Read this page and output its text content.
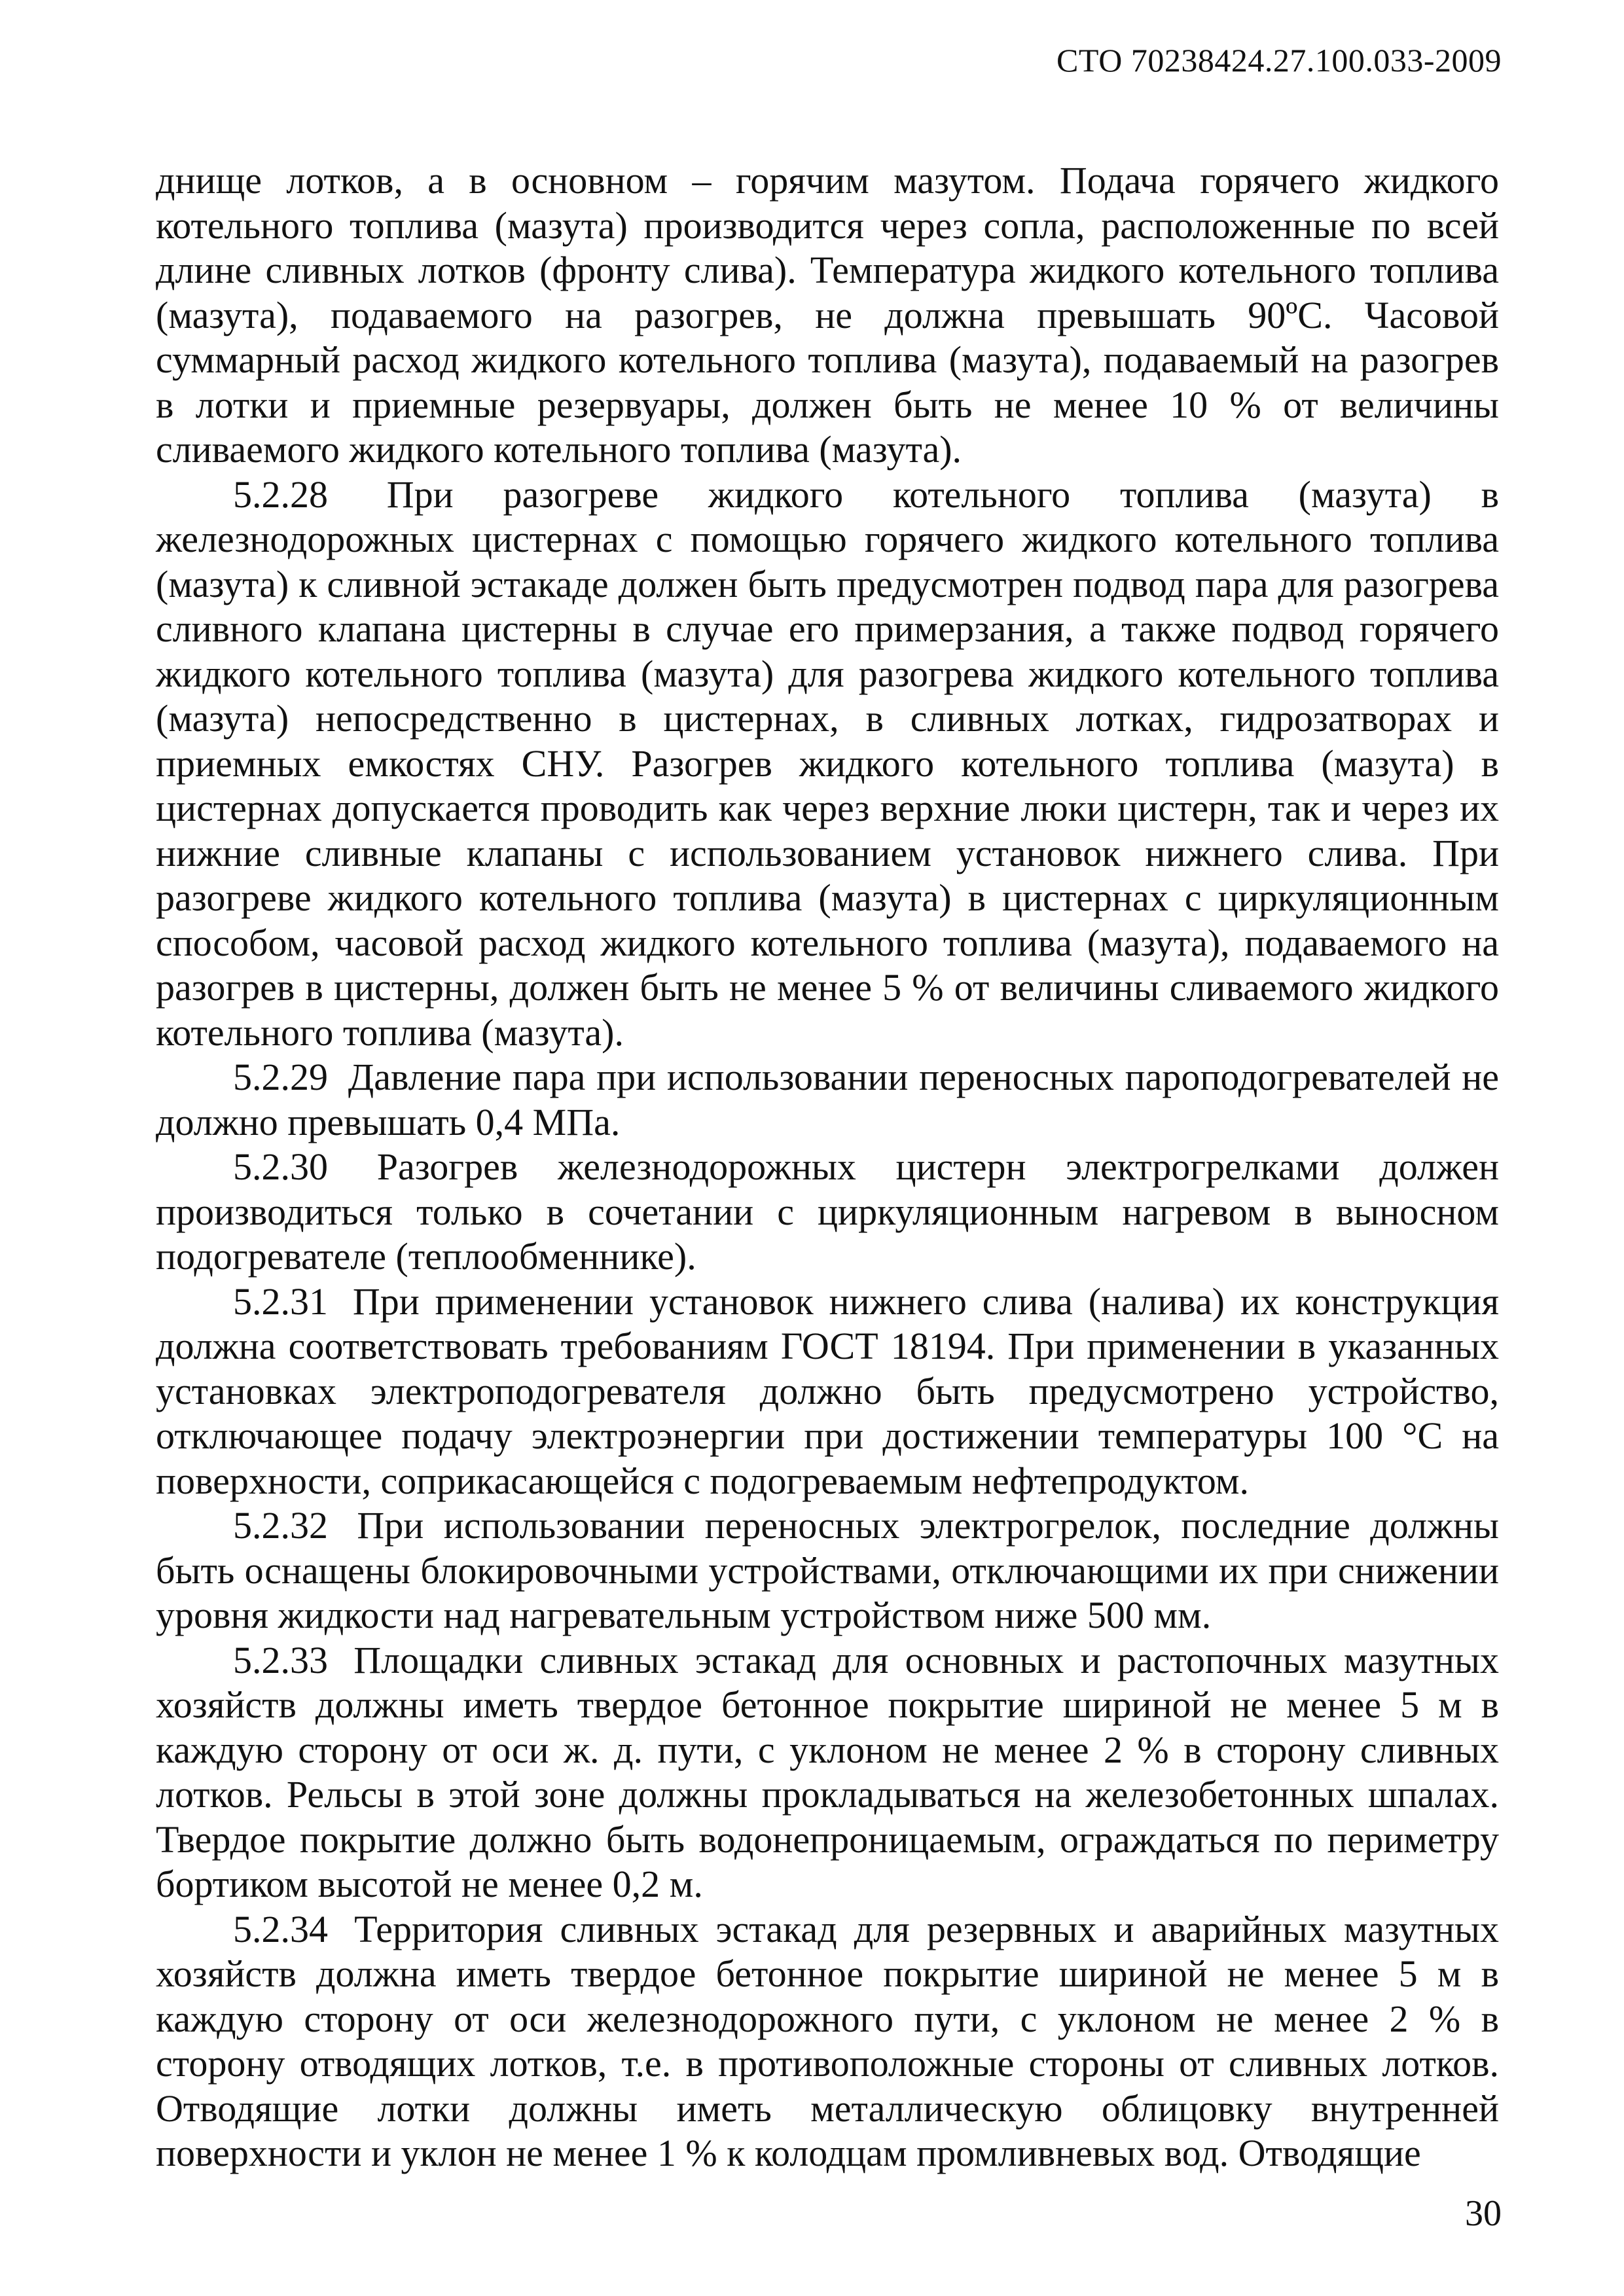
СТО 70238424.27.100.033-2009

днище лотков, а в основном – горячим мазутом. Подача горячего жидкого котельного топлива (мазута) производится через сопла, расположенные по всей длине сливных лотков (фронту слива). Температура жидкого котельного топлива (мазута), подаваемого на разогрев, не должна превышать 90ºС. Часовой суммарный расход жидкого котельного топлива (мазута), подаваемый на разогрев в лотки и приемные резервуары, должен быть не менее 10 % от величины сливаемого жидкого котельного топлива (мазута).

5.2.28 При разогреве жидкого котельного топлива (мазута) в железнодорожных цистернах с помощью горячего жидкого котельного топлива (мазута) к сливной эстакаде должен быть предусмотрен подвод пара для разогрева сливного клапана цистерны в случае его примерзания, а также подвод горячего жидкого котельного топлива (мазута) для разогрева жидкого котельного топлива (мазута) непосредственно в цистернах, в сливных лотках, гидрозатворах и приемных емкостях СНУ. Разогрев жидкого котельного топлива (мазута) в цистернах допускается проводить как через верхние люки цистерн, так и через их нижние сливные клапаны с использованием установок нижнего слива. При разогреве жидкого котельного топлива (мазута) в цистернах с циркуляционным способом, часовой расход жидкого котельного топлива (мазута), подаваемого на разогрев в цистерны, должен быть не менее 5 % от величины сливаемого жидкого котельного топлива (мазута).

5.2.29 Давление пара при использовании переносных пароподогревателей не должно превышать 0,4 МПа.

5.2.30 Разогрев железнодорожных цистерн электрогрелками должен производиться только в сочетании с циркуляционным нагревом в выносном подогревателе (теплообменнике).

5.2.31 При применении установок нижнего слива (налива) их конструкция должна соответствовать требованиям ГОСТ 18194. При применении в указанных установках электроподогревателя должно быть предусмотрено устройство, отключающее подачу электроэнергии при достижении температуры 100 °С на поверхности, соприкасающейся с подогреваемым нефтепродуктом.

5.2.32 При использовании переносных электрогрелок, последние должны быть оснащены блокировочными устройствами, отключающими их при снижении уровня жидкости над нагревательным устройством ниже 500 мм.

5.2.33 Площадки сливных эстакад для основных и растопочных мазутных хозяйств должны иметь твердое бетонное покрытие шириной не менее 5 м в каждую сторону от оси ж. д. пути, с уклоном не менее 2 % в сторону сливных лотков. Рельсы в этой зоне должны прокладываться на железобетонных шпалах. Твердое покрытие должно быть водонепроницаемым, ограждаться по периметру бортиком высотой не менее 0,2 м.

5.2.34 Территория сливных эстакад для резервных и аварийных мазутных хозяйств должна иметь твердое бетонное покрытие шириной не менее 5 м в каждую сторону от оси железнодорожного пути, с уклоном не менее 2 % в сторону отводящих лотков, т.е. в противоположные стороны от сливных лотков. Отводящие лотки должны иметь металлическую облицовку внутренней поверхности и уклон не менее 1 % к колодцам промливневых вод. Отводящие

30
